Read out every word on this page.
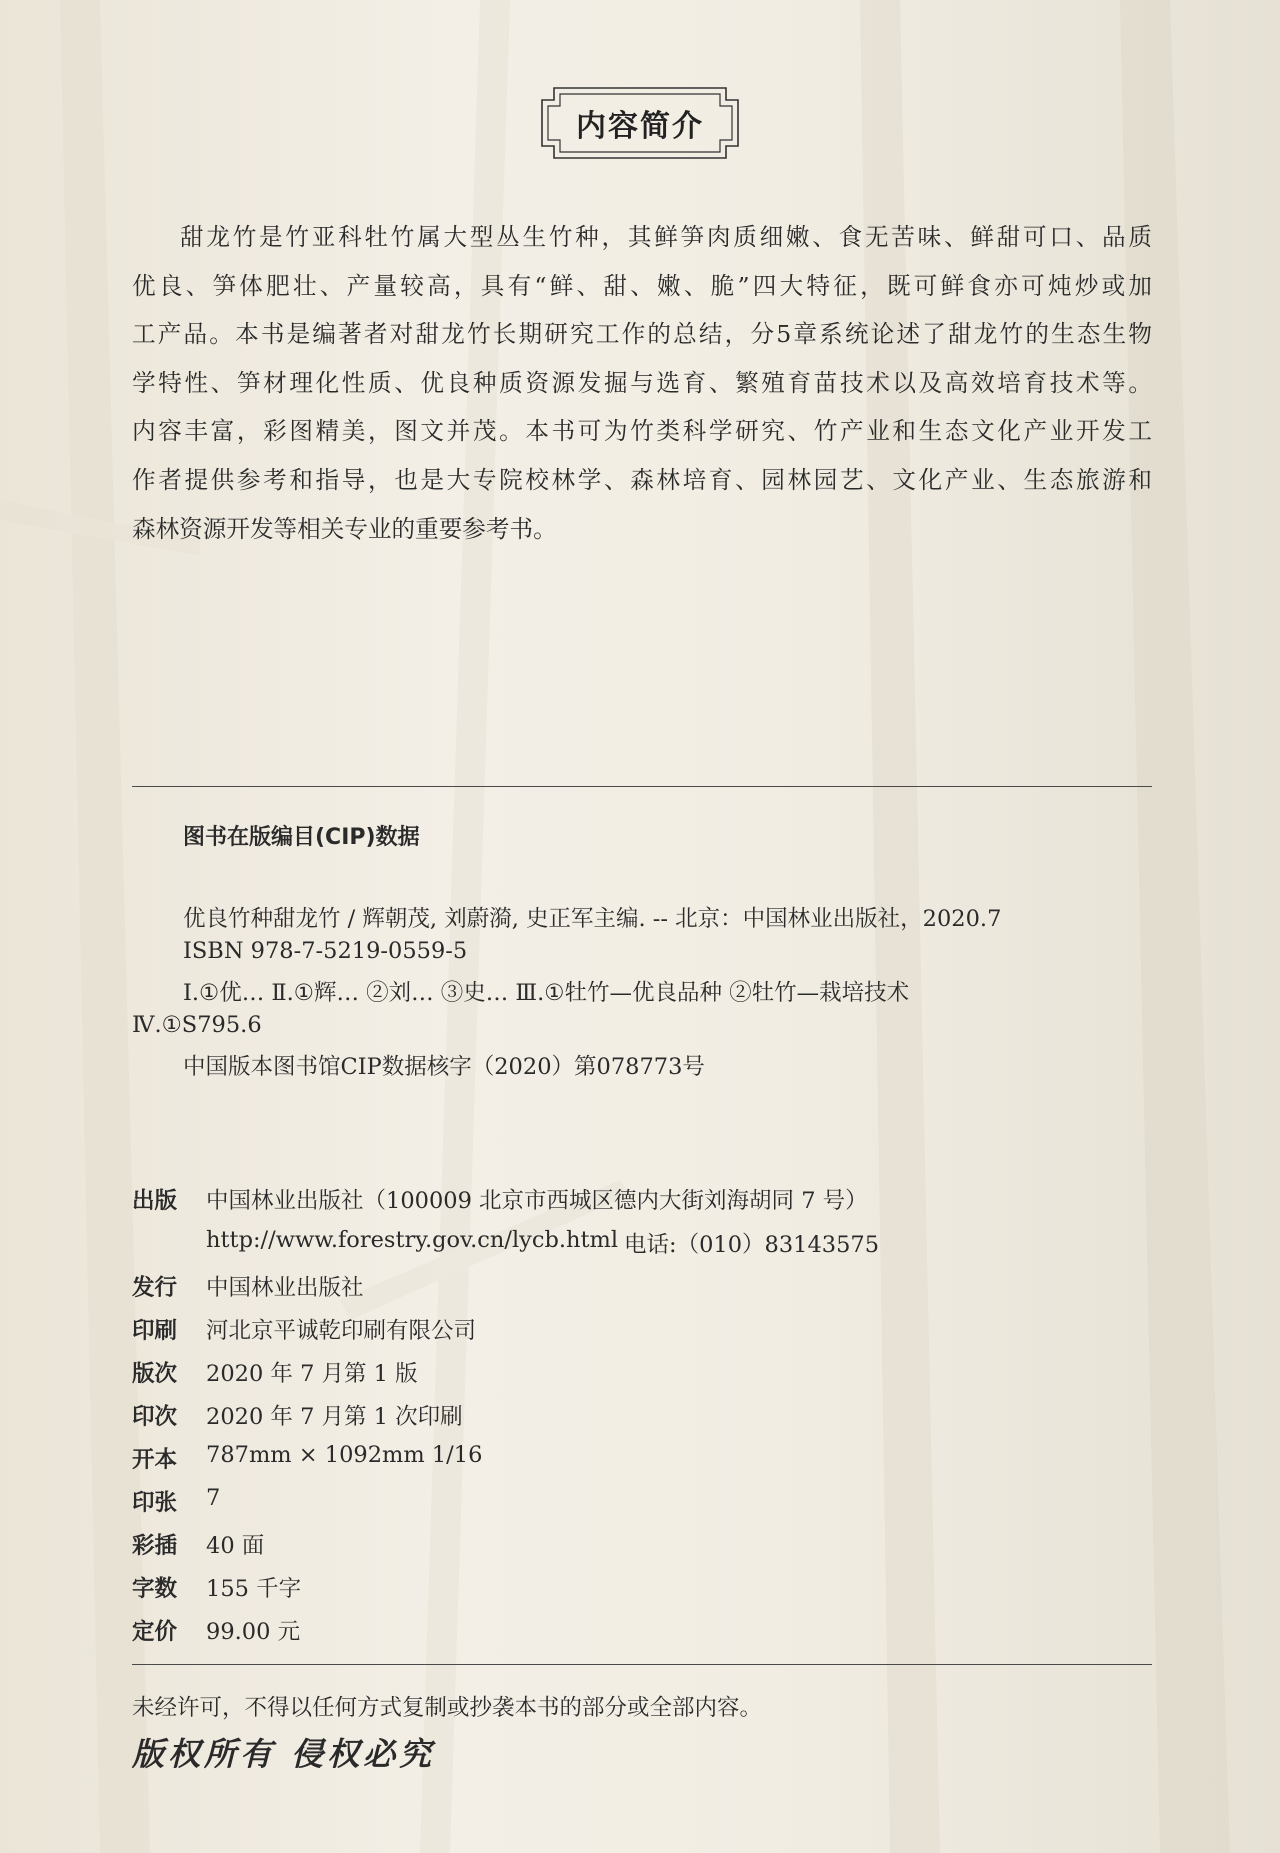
内容简介
甜龙竹是竹亚科牡竹属大型丛生竹种，其鲜笋肉质细嫩、食无苦味、鲜甜可口、品质
优良、笋体肥壮、产量较高，具有“鲜、甜、嫩、脆”四大特征，既可鲜食亦可炖炒或加
工产品。本书是编著者对甜龙竹长期研究工作的总结，分5章系统论述了甜龙竹的生态生物
学特性、笋材理化性质、优良种质资源发掘与选育、繁殖育苗技术以及高效培育技术等。
内容丰富，彩图精美，图文并茂。本书可为竹类科学研究、竹产业和生态文化产业开发工
作者提供参考和指导，也是大专院校林学、森林培育、园林园艺、文化产业、生态旅游和
森林资源开发等相关专业的重要参考书。
图书在版编目(CIP)数据
优良竹种甜龙竹 / 辉朝茂, 刘蔚漪, 史正军主编. -- 北京：中国林业出版社，2020.7
ISBN 978-7-5219-0559-5
Ⅰ.①优… Ⅱ.①辉… ②刘… ③史… Ⅲ.①牡竹—优良品种 ②牡竹—栽培技术
Ⅳ.①S795.6
中国版本图书馆CIP数据核字（2020）第078773号
出版 中国林业出版社（100009 北京市西城区德内大街刘海胡同 7 号）
http://www.forestry.gov.cn/lycb.html 电话:（010）83143575
发行 中国林业出版社
印刷 河北京平诚乾印刷有限公司
版次 2020 年 7 月第 1 版
印次 2020 年 7 月第 1 次印刷
开本 787mm × 1092mm 1/16
印张 7
彩插 40 面
字数 155 千字
定价 99.00 元
未经许可，不得以任何方式复制或抄袭本书的部分或全部内容。
版权所有 侵权必究
